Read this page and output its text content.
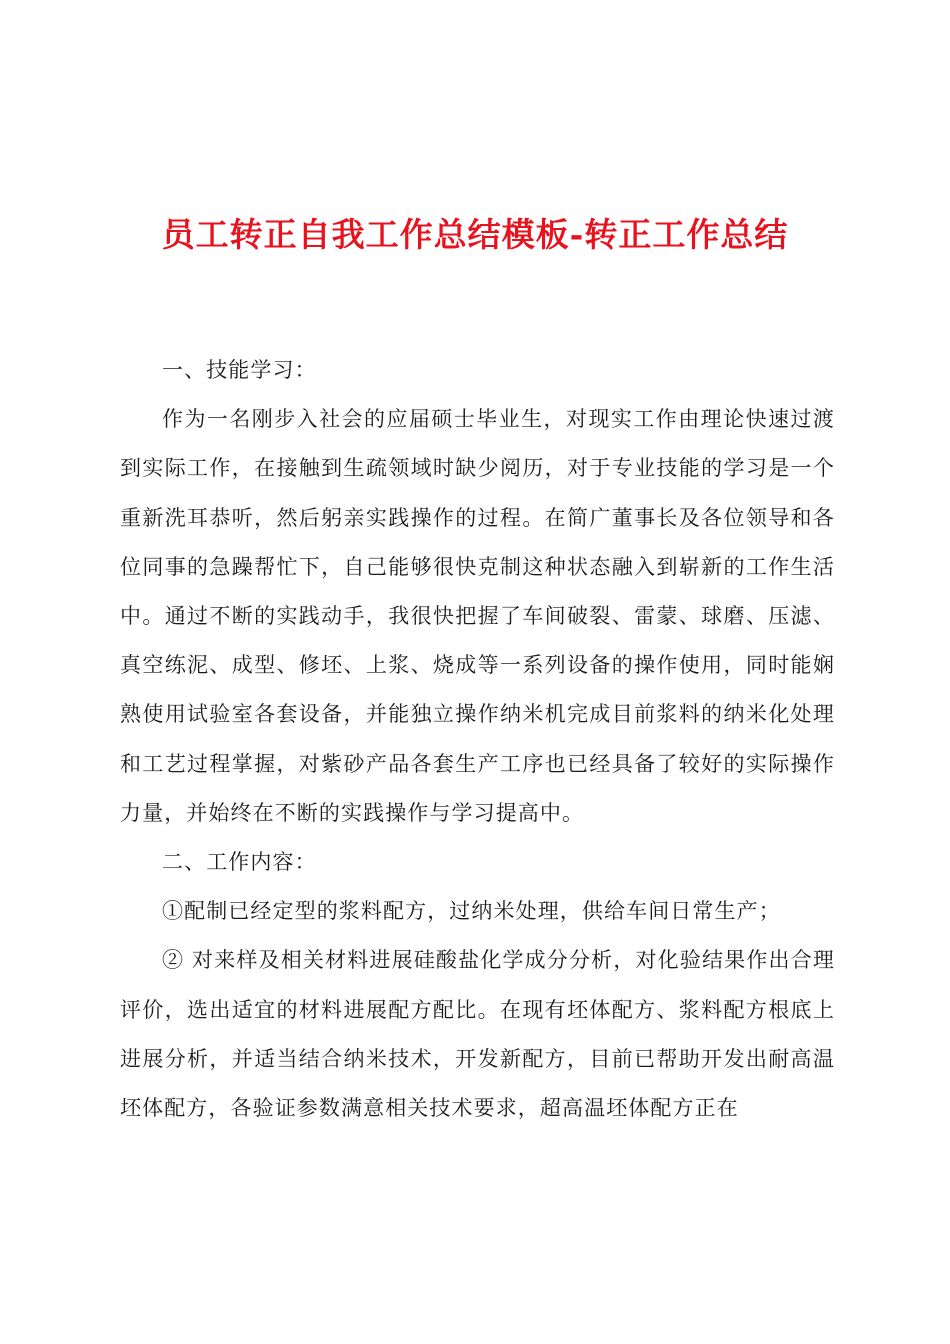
员工转正自我工作总结模板-转正工作总结

一、技能学习：

作为一名刚步入社会的应届硕士毕业生，对现实工作由理论快速过渡到实际工作，在接触到生疏领域时缺少阅历，对于专业技能的学习是一个重新洗耳恭听，然后躬亲实践操作的过程。在简广董事长及各位领导和各位同事的急躁帮忙下，自己能够很快克制这种状态融入到崭新的工作生活中。通过不断的实践动手，我很快把握了车间破裂、雷蒙、球磨、压滤、真空练泥、成型、修坯、上浆、烧成等一系列设备的操作使用，同时能娴熟使用试验室各套设备，并能独立操作纳米机完成目前浆料的纳米化处理和工艺过程掌握，对紫砂产品各套生产工序也已经具备了较好的实际操作力量，并始终在不断的实践操作与学习提高中。

二、工作内容：

①配制已经定型的浆料配方，过纳米处理，供给车间日常生产；

② 对来样及相关材料进展硅酸盐化学成分分析，对化验结果作出合理评价，选出适宜的材料进展配方配比。在现有坯体配方、浆料配方根底上进展分析，并适当结合纳米技术，开发新配方，目前已帮助开发出耐高温坯体配方，各验证参数满意相关技术要求，超高温坯体配方正在
